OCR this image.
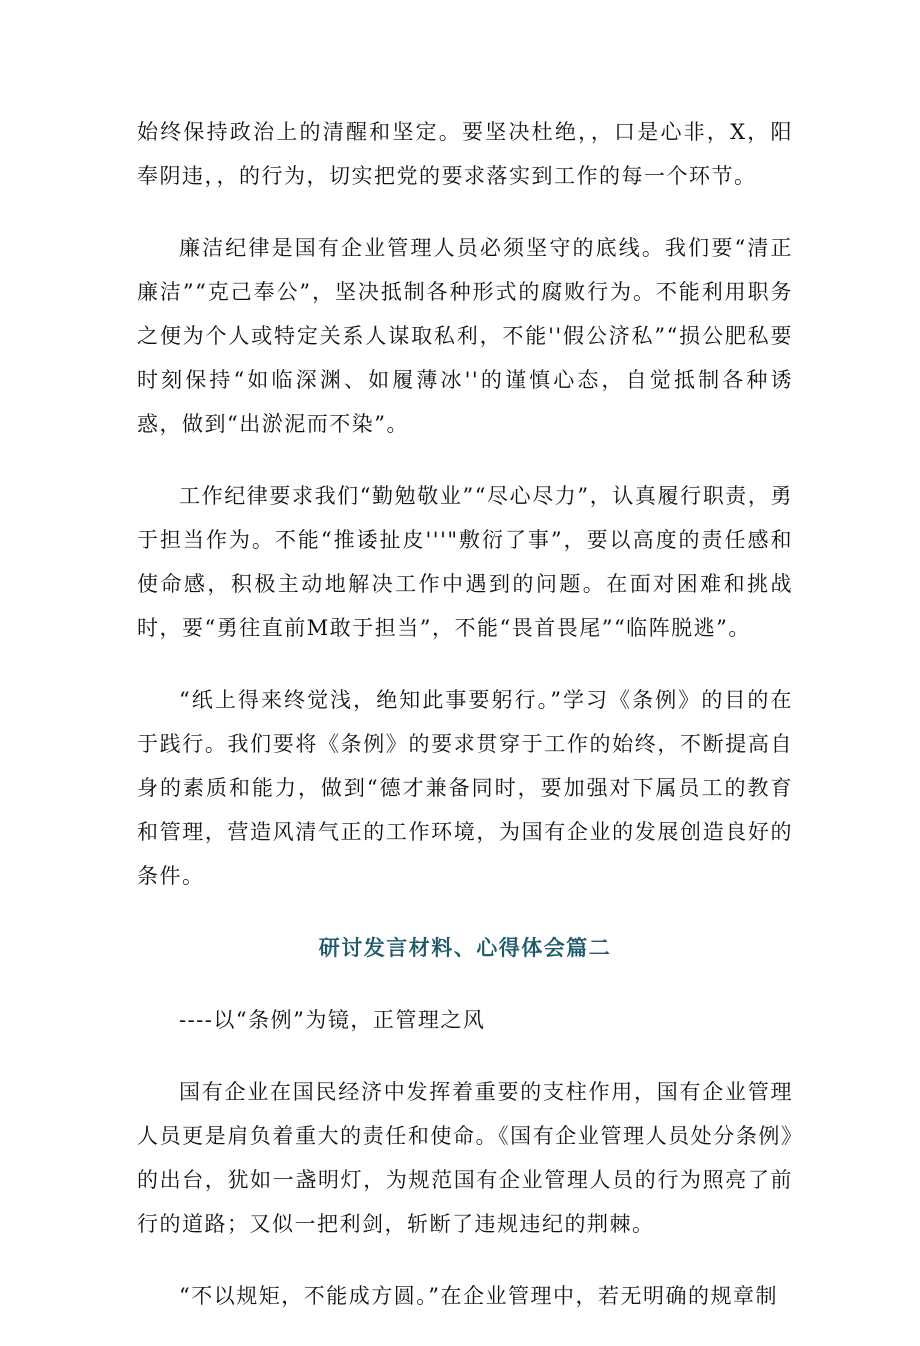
始终保持政治上的清醒和坚定。要坚决杜绝，，口是心非，X，阳奉阴违，，的行为，切实把党的要求落实到工作的每一个环节。

廉洁纪律是国有企业管理人员必须坚守的底线。我们要“清正廉洁”“克己奉公”，坚决抵制各种形式的腐败行为。不能利用职务之便为个人或特定关系人谋取私利，不能''假公济私”“损公肥私要时刻保持“如临深渊、如履薄冰''的谨慎心态，自觉抵制各种诱惑，做到“出淤泥而不染”。

工作纪律要求我们“勤勉敬业”“尽心尽力”，认真履行职责，勇于担当作为。不能“推诿扯皮'''"敷衍了事”，要以高度的责任感和使命感，积极主动地解决工作中遇到的问题。在面对困难和挑战时，要“勇往直前M敢于担当”，不能“畏首畏尾”“临阵脱逃”。

“纸上得来终觉浅，绝知此事要躬行。”学习《条例》的目的在于践行。我们要将《条例》的要求贯穿于工作的始终，不断提高自身的素质和能力，做到“德才兼备同时，要加强对下属员工的教育和管理，营造风清气正的工作环境，为国有企业的发展创造良好的条件。

研讨发言材料、心得体会篇二

----以“条例”为镜，正管理之风

国有企业在国民经济中发挥着重要的支柱作用，国有企业管理人员更是肩负着重大的责任和使命。《国有企业管理人员处分条例》的出台，犹如一盏明灯，为规范国有企业管理人员的行为照亮了前行的道路；又似一把利剑，斩断了违规违纪的荆棘。

“不以规矩，不能成方圆。”在企业管理中，若无明确的规章制
